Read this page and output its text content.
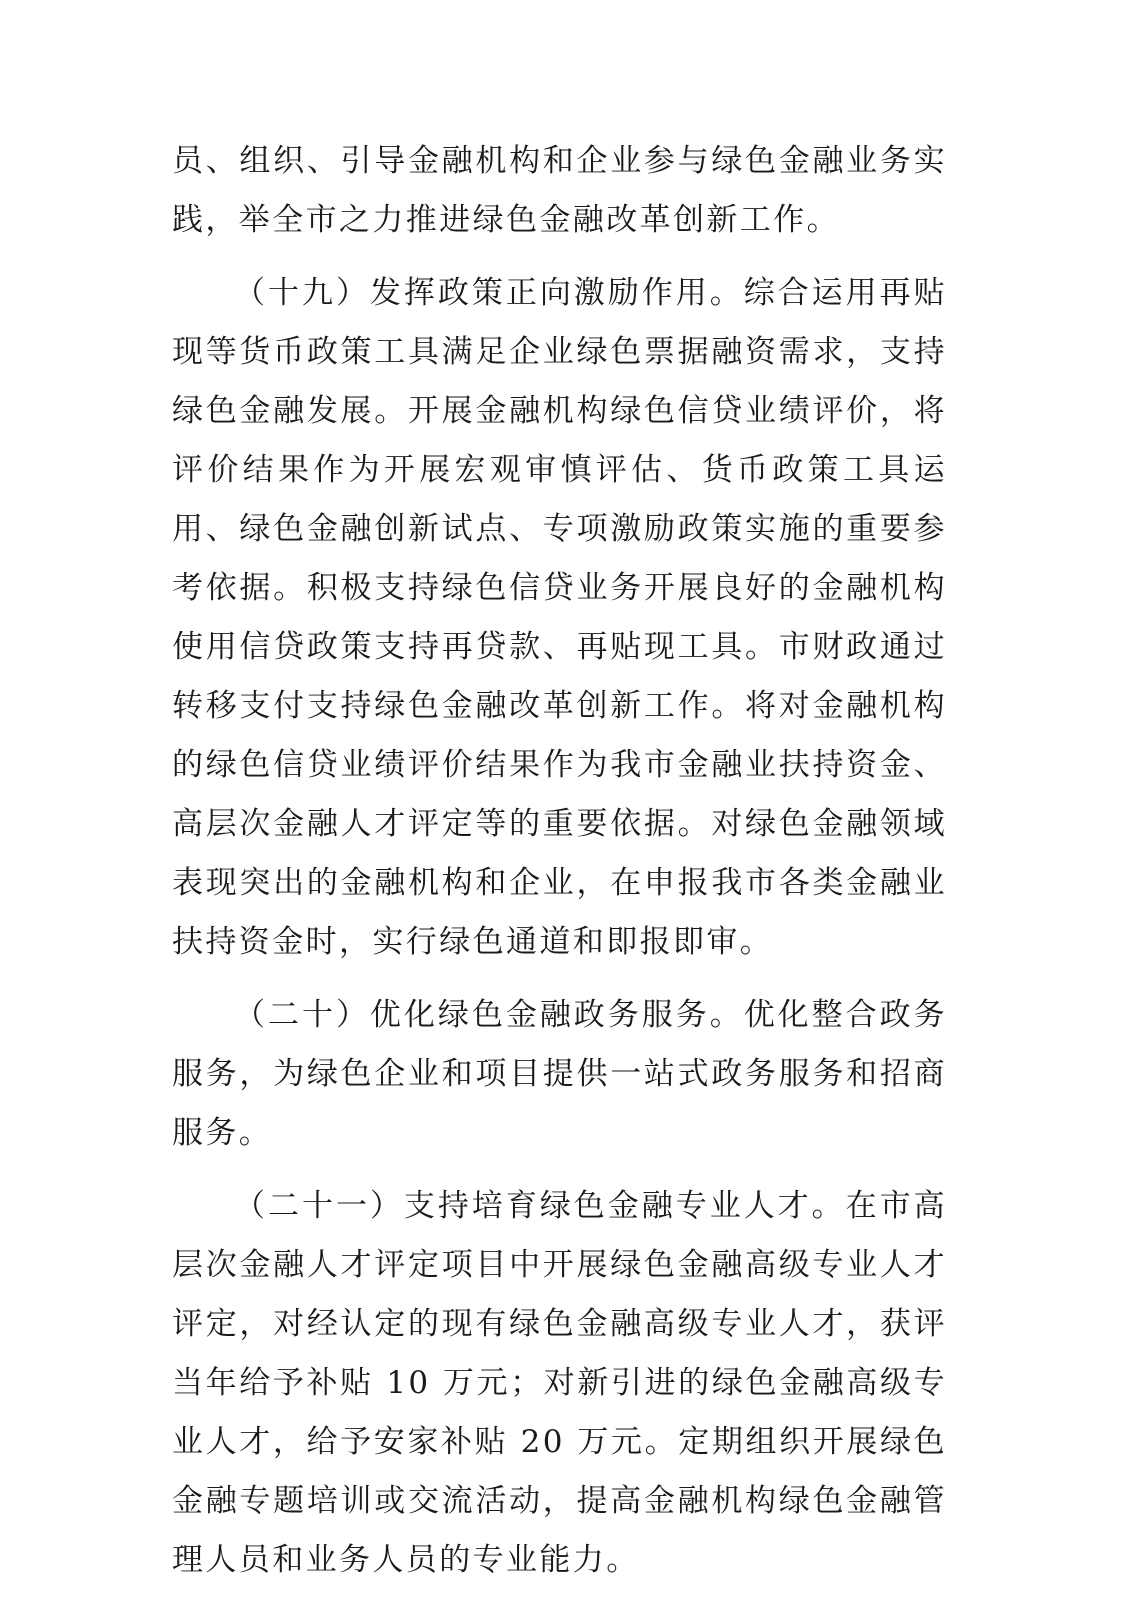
员、组织、引导金融机构和企业参与绿色金融业务实践，举全市之力推进绿色金融改革创新工作。

（十九）发挥政策正向激励作用。综合运用再贴现等货币政策工具满足企业绿色票据融资需求，支持绿色金融发展。开展金融机构绿色信贷业绩评价，将评价结果作为开展宏观审慎评估、货币政策工具运用、绿色金融创新试点、专项激励政策实施的重要参考依据。积极支持绿色信贷业务开展良好的金融机构使用信贷政策支持再贷款、再贴现工具。市财政通过转移支付支持绿色金融改革创新工作。将对金融机构的绿色信贷业绩评价结果作为我市金融业扶持资金、高层次金融人才评定等的重要依据。对绿色金融领域表现突出的金融机构和企业，在申报我市各类金融业扶持资金时，实行绿色通道和即报即审。

（二十）优化绿色金融政务服务。优化整合政务服务，为绿色企业和项目提供一站式政务服务和招商服务。

（二十一）支持培育绿色金融专业人才。在市高层次金融人才评定项目中开展绿色金融高级专业人才评定，对经认定的现有绿色金融高级专业人才，获评当年给予补贴 10 万元；对新引进的绿色金融高级专业人才，给予安家补贴 20 万元。定期组织开展绿色金融专题培训或交流活动，提高金融机构绿色金融管理人员和业务人员的专业能力。
